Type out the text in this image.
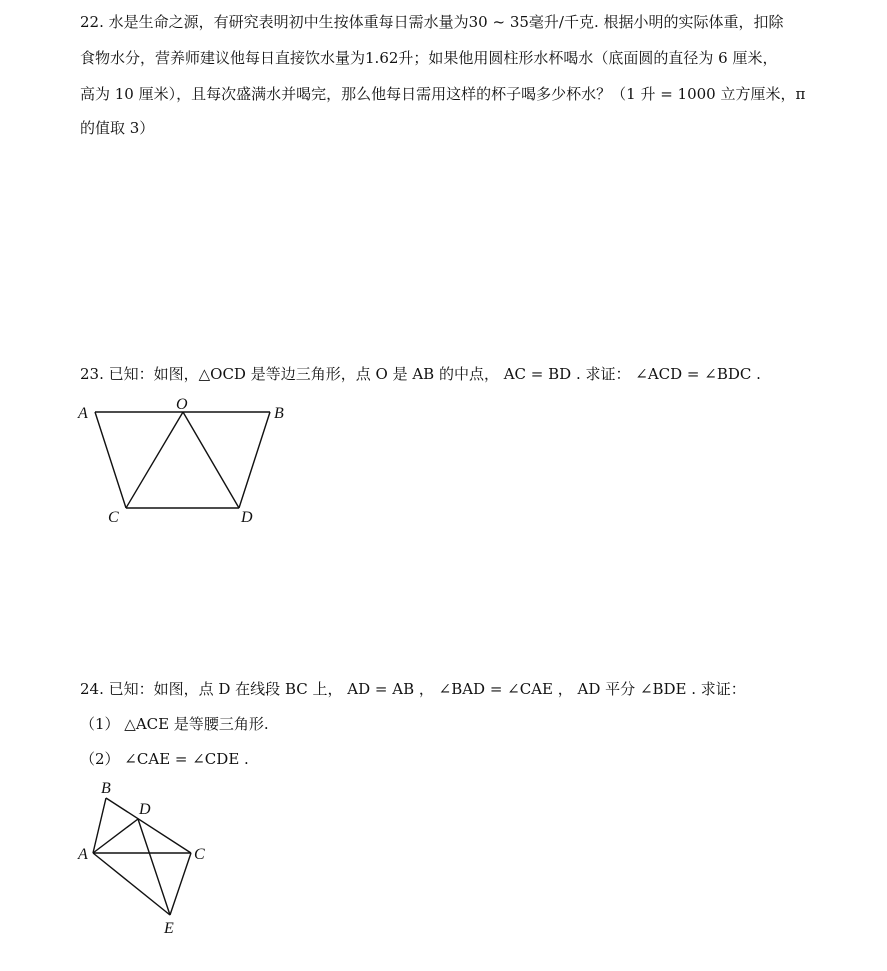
22. 水是生命之源，有研究表明初中生按体重每日需水量为30 ~ 35毫升/千克. 根据小明的实际体重，扣除
食物水分，营养师建议他每日直接饮水量为1.62升；如果他用圆柱形水杯喝水（底面圆的直径为 6 厘米，
高为 10 厘米），且每次盛满水并喝完，那么他每日需用这样的杯子喝多少杯水？（1 升 = 1000 立方厘米，π
的值取 3）
23. 已知：如图，△OCD 是等边三角形，点 O 是 AB 的中点， AC = BD . 求证： ∠ACD = ∠BDC .
A
O
B
C	D
24. 已知：如图，点 D 在线段 BC 上， AD = AB ， ∠BAD = ∠CAE ， AD 平分 ∠BDE . 求证：
（1） △ACE 是等腰三角形.
（2） ∠CAE = ∠CDE .
A
B
D
C
E
